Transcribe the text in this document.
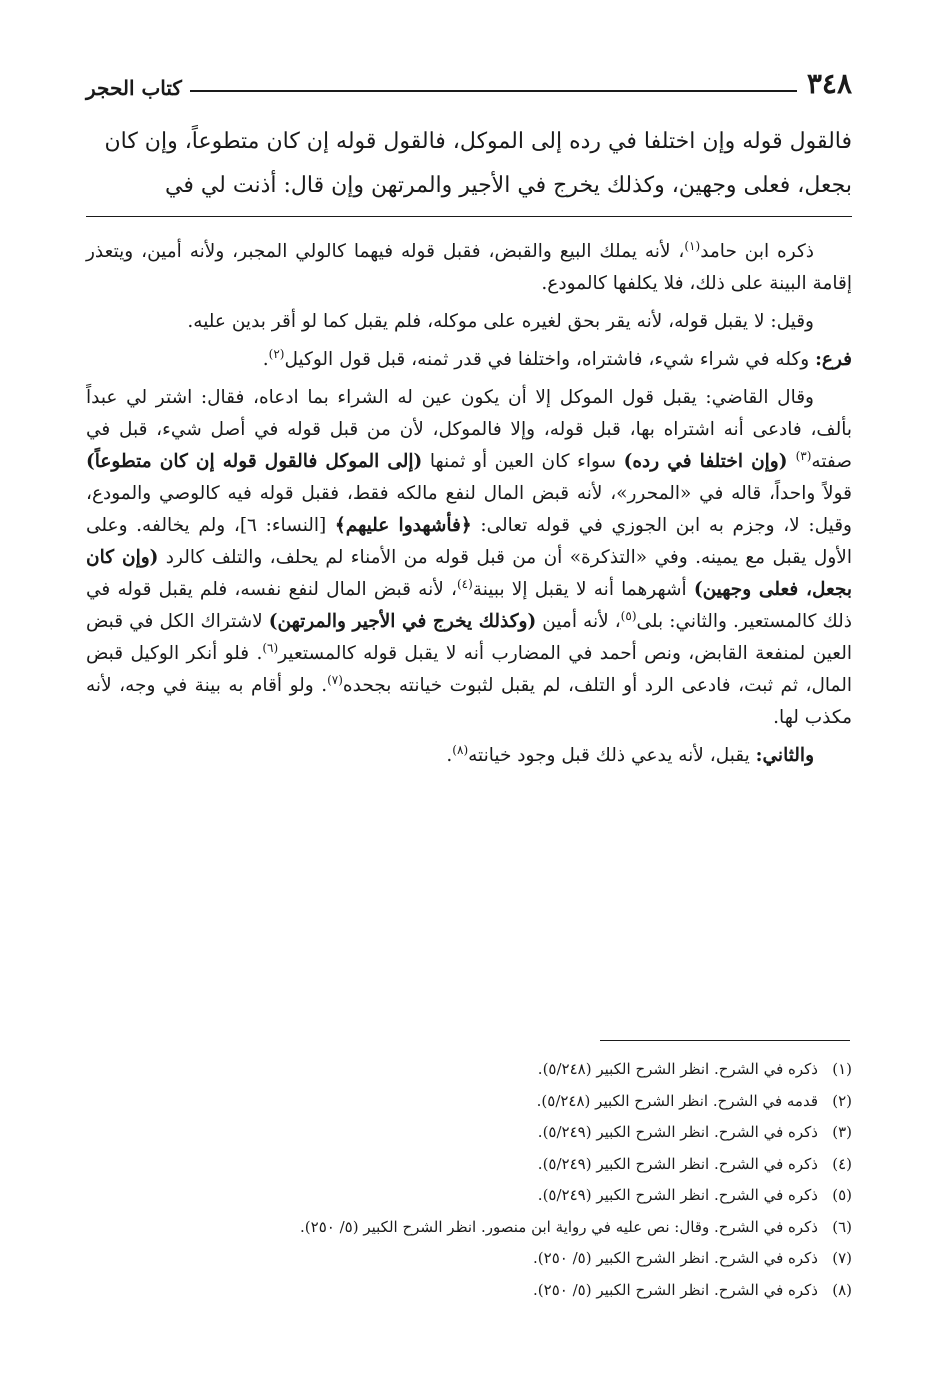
٣٤٨
كتاب الحجر

فالقول قوله وإن اختلفا في رده إلى الموكل، فالقول قوله إن كان متطوعاً، وإن كان

بجعل، فعلى وجهين، وكذلك يخرج في الأجير والمرتهن وإن قال: أذنت لي في

ذكره ابن حامد$^{(١)}$، لأنه يملك البيع والقبض، فقبل قوله فيهما كالولي المجبر، ولأنه أمين، ويتعذر إقامة البينة على ذلك، فلا يكلفها كالمودع.

وقيل: لا يقبل قوله، لأنه يقر بحق لغيره على موكله، فلم يقبل كما لو أقر بدين عليه.

فرع: وكله في شراء شيء، فاشتراه، واختلفا في قدر ثمنه، قبل قول الوكيل$^{(٢)}$.

وقال القاضي: يقبل قول الموكل إلا أن يكون عين له الشراء بما ادعاه، فقال: اشتر لي عبداً بألف، فادعى أنه اشتراه بها، قبل قوله، وإلا فالموكل، لأن من قبل قوله في أصل شيء، قبل في صفته$^{(٣)}$ (وإن اختلفا في رده) سواء كان العين أو ثمنها (إلى الموكل فالقول قوله إن كان متطوعاً) قولاً واحداً، قاله في «المحرر»، لأنه قبض المال لنفع مالكه فقط، فقبل قوله فيه كالوصي والمودع، وقيل: لا، وجزم به ابن الجوزي في قوله تعالى: ﴿فأشهدوا عليهم﴾ [النساء: ٦]، ولم يخالفه. وعلى الأول يقبل مع يمينه. وفي «التذكرة» أن من قبل قوله من الأمناء لم يحلف، والتلف كالرد (وإن كان بجعل، فعلى وجهين) أشهرهما أنه لا يقبل إلا ببينة$^{(٤)}$، لأنه قبض المال لنفع نفسه، فلم يقبل قوله في ذلك كالمستعير. والثاني: بلى$^{(٥)}$، لأنه أمين (وكذلك يخرج في الأجير والمرتهن) لاشتراك الكل في قبض العين لمنفعة القابض، ونص أحمد في المضارب أنه لا يقبل قوله كالمستعير$^{(٦)}$. فلو أنكر الوكيل قبض المال، ثم ثبت، فادعى الرد أو التلف، لم يقبل لثبوت خيانته بجحده$^{(٧)}$. ولو أقام به بينة في وجه، لأنه مكذب لها.

والثاني: يقبل، لأنه يدعي ذلك قبل وجود خيانته$^{(٨)}$.

(١)
ذكره في الشرح. انظر الشرح الكبير (٥/٢٤٨).
(٢)
قدمه في الشرح. انظر الشرح الكبير (٥/٢٤٨).
(٣)
ذكره في الشرح. انظر الشرح الكبير (٥/٢٤٩).
(٤)
ذكره في الشرح. انظر الشرح الكبير (٥/٢٤٩).
(٥)
ذكره في الشرح. انظر الشرح الكبير (٥/٢٤٩).
(٦)
ذكره في الشرح. وقال: نص عليه في رواية ابن منصور. انظر الشرح الكبير (٥/ ٢٥٠).
(٧)
ذكره في الشرح. انظر الشرح الكبير (٥/ ٢٥٠).
(٨)
ذكره في الشرح. انظر الشرح الكبير (٥/ ٢٥٠).
